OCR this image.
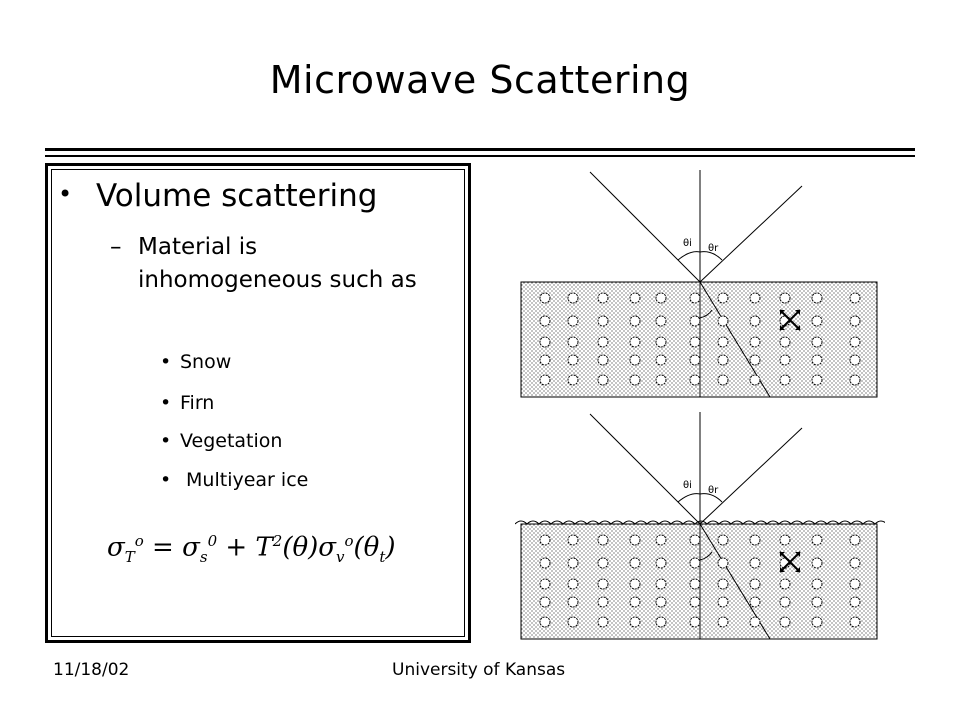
Microwave Scattering
• Volume scattering
– Material is inhomogeneous such as
• Snow
• Firn
• Vegetation
• Multiyear ice
$\sigma_T^o = \sigma_s^0 + T^2(\theta)\sigma_v^o(\theta_t)$
θi θr
θi θr
11/18/02	University of Kansas
